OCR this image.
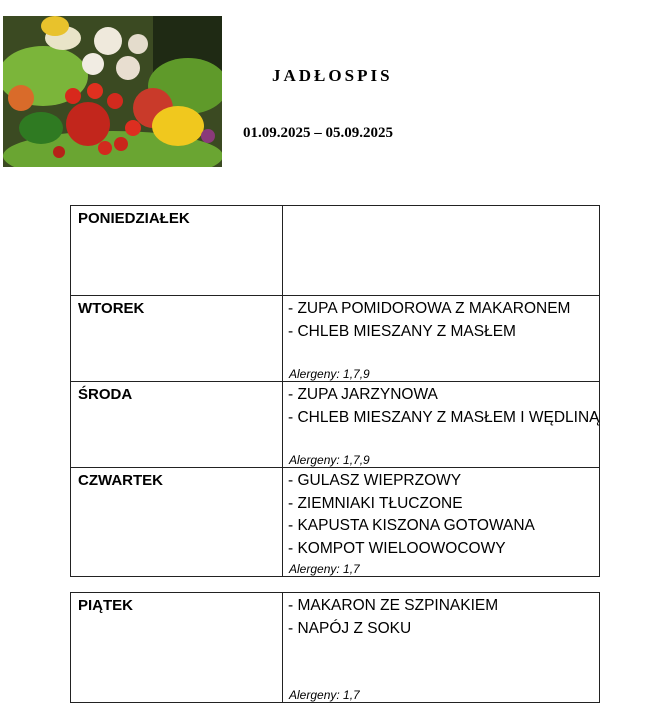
JADŁOSPIS
01.09.2025 – 05.09.2025
PONIEDZIAŁEK	
WTOREK	- ZUPA POMIDOROWA Z MAKARONEM
- CHLEB MIESZANY Z MASŁEM
Alergeny: 1,7,9

ŚRODA	- ZUPA JARZYNOWA
- CHLEB MIESZANY Z MASŁEM I WĘDLINĄ
Alergeny: 1,7,9

CZWARTEK	- GULASZ WIEPRZOWY
- ZIEMNIAKI TŁUCZONE
- KAPUSTA KISZONA GOTOWANA
- KOMPOT WIELOOWOCOWY
Alergeny: 1,7
PIĄTEK	- MAKARON ZE SZPINAKIEM
- NAPÓJ Z SOKU
Alergeny: 1,7
